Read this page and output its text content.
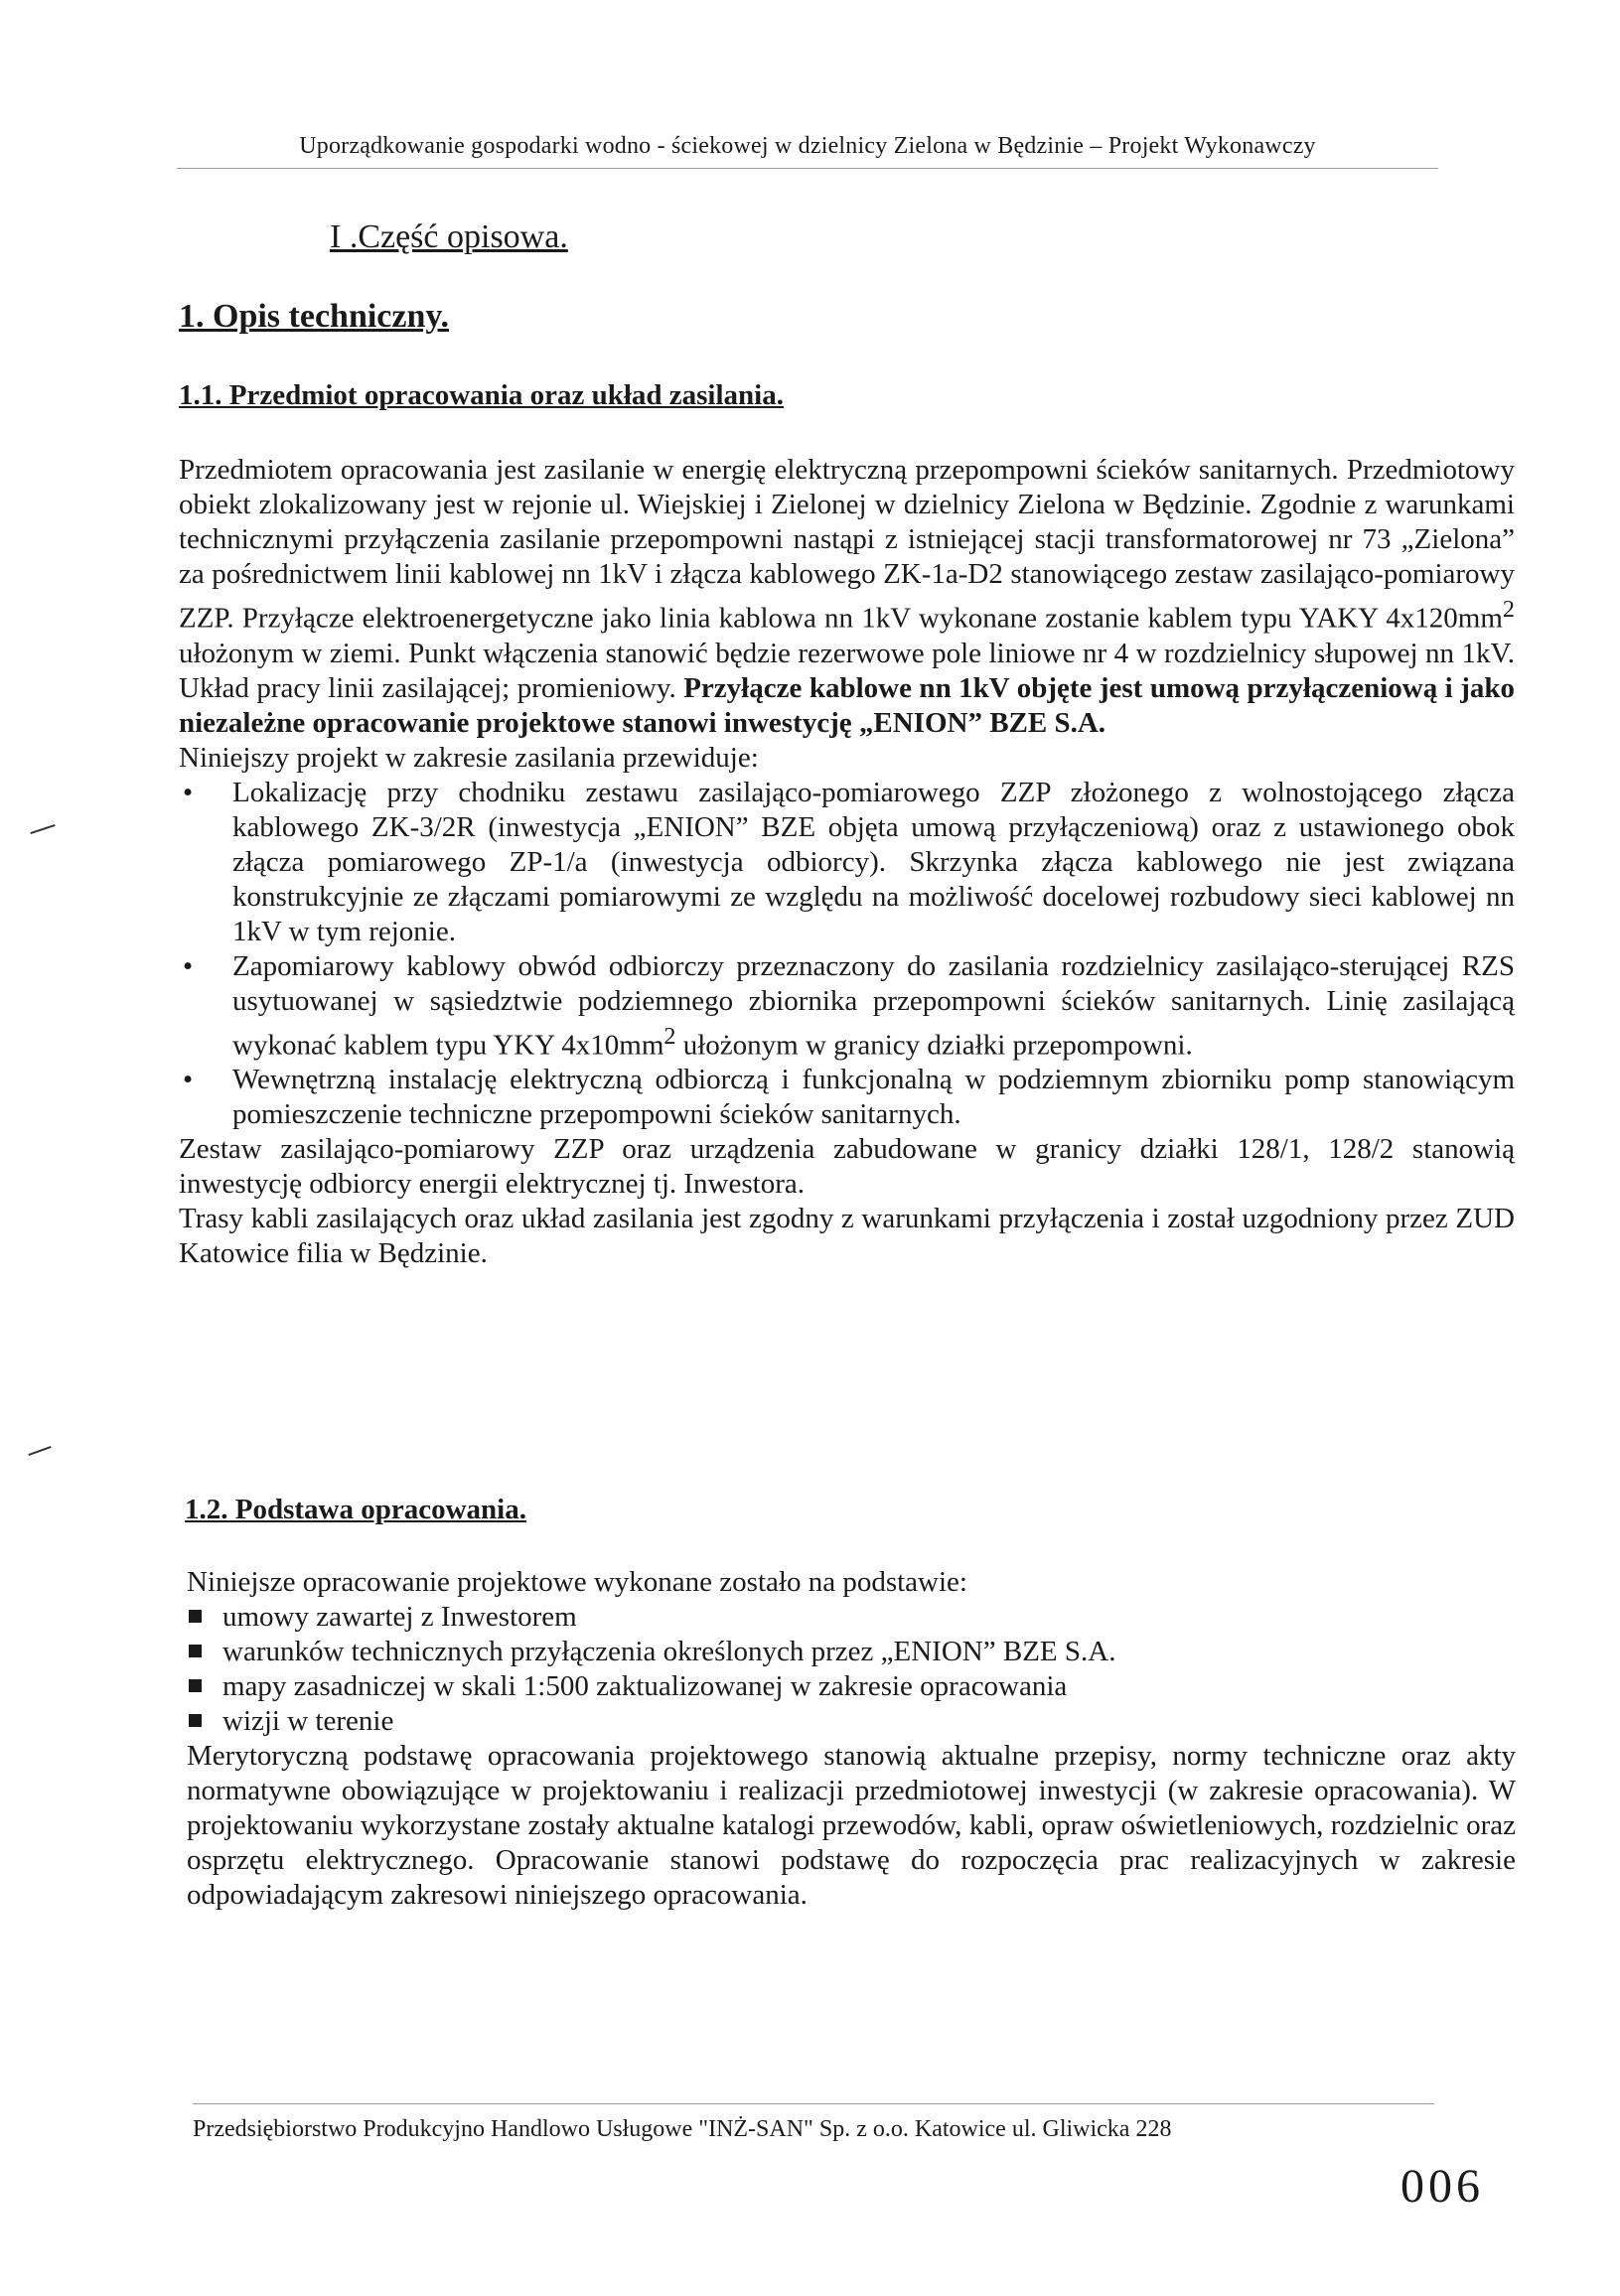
Uporządkowanie gospodarki wodno - ściekowej w dzielnicy Zielona w Będzinie – Projekt Wykonawczy
I .Część opisowa.
1. Opis techniczny.
1.1. Przedmiot opracowania oraz układ zasilania.

Przedmiotem opracowania jest zasilanie w energię elektryczną przepompowni ścieków sanitarnych. Przedmiotowy obiekt zlokalizowany jest w rejonie ul. Wiejskiej i Zielonej w dzielnicy Zielona w Będzinie. Zgodnie z warunkami technicznymi przyłączenia zasilanie przepompowni nastąpi z istniejącej stacji transformatorowej nr 73 „Zielona” za pośrednictwem linii kablowej nn 1kV i złącza kablowego ZK-1a-D2 stanowiącego zestaw zasilająco-pomiarowy ZZP. Przyłącze elektroenergetyczne jako linia kablowa nn 1kV wykonane zostanie kablem typu YAKY $4x120mm^2$ ułożonym w ziemi. Punkt włączenia stanowić będzie rezerwowe pole liniowe nr 4 w rozdzielnicy słupowej nn 1kV. Układ pracy linii zasilającej; promieniowy. Przyłącze kablowe nn 1kV objęte jest umową przyłączeniową i jako niezależne opracowanie projektowe stanowi inwestycję „ENION” BZE S.A.

Niniejszy projekt w zakresie zasilania przewiduje:

•	Lokalizację przy chodniku zestawu zasilająco-pomiarowego ZZP złożonego z wolnostojącego złącza kablowego ZK-3/2R (inwestycja „ENION” BZE objęta umową przyłączeniową) oraz z ustawionego obok złącza pomiarowego ZP-1/a (inwestycja odbiorcy). Skrzynka złącza kablowego nie jest związana konstrukcyjnie ze złączami pomiarowymi ze względu na możliwość docelowej rozbudowy sieci kablowej nn 1kV w tym rejonie.
•	Zapomiarowy kablowy obwód odbiorczy przeznaczony do zasilania rozdzielnicy zasilająco-sterującej RZS usytuowanej w sąsiedztwie podziemnego zbiornika przepompowni ścieków sanitarnych. Linię zasilającą wykonać kablem typu YKY $4x10mm^2$ ułożonym w granicy działki przepompowni.
•	Wewnętrzną instalację elektryczną odbiorczą i funkcjonalną w podziemnym zbiorniku pomp stanowiącym pomieszczenie techniczne przepompowni ścieków sanitarnych.

Zestaw zasilająco-pomiarowy ZZP oraz urządzenia zabudowane w granicy działki 128/1, 128/2 stanowią inwestycję odbiorcy energii elektrycznej tj. Inwestora.

Trasy kabli zasilających oraz układ zasilania jest zgodny z warunkami przyłączenia i został uzgodniony przez ZUD Katowice filia w Będzinie.

1.2. Podstawa opracowania.

Niniejsze opracowanie projektowe wykonane zostało na podstawie:

umowy zawartej z Inwestorem
warunków technicznych przyłączenia określonych przez „ENION” BZE S.A.
mapy zasadniczej w skali 1:500 zaktualizowanej w zakresie opracowania
wizji w terenie

Merytoryczną podstawę opracowania projektowego stanowią aktualne przepisy, normy techniczne oraz akty normatywne obowiązujące w projektowaniu i realizacji przedmiotowej inwestycji (w zakresie opracowania). W projektowaniu wykorzystane zostały aktualne katalogi przewodów, kabli, opraw oświetleniowych, rozdzielnic oraz osprzętu elektrycznego. Opracowanie stanowi podstawę do rozpoczęcia prac realizacyjnych w zakresie odpowiadającym zakresowi niniejszego opracowania.

Przedsiębiorstwo Produkcyjno Handlowo Usługowe "INŻ-SAN" Sp. z o.o. Katowice ul. Gliwicka 228
006
